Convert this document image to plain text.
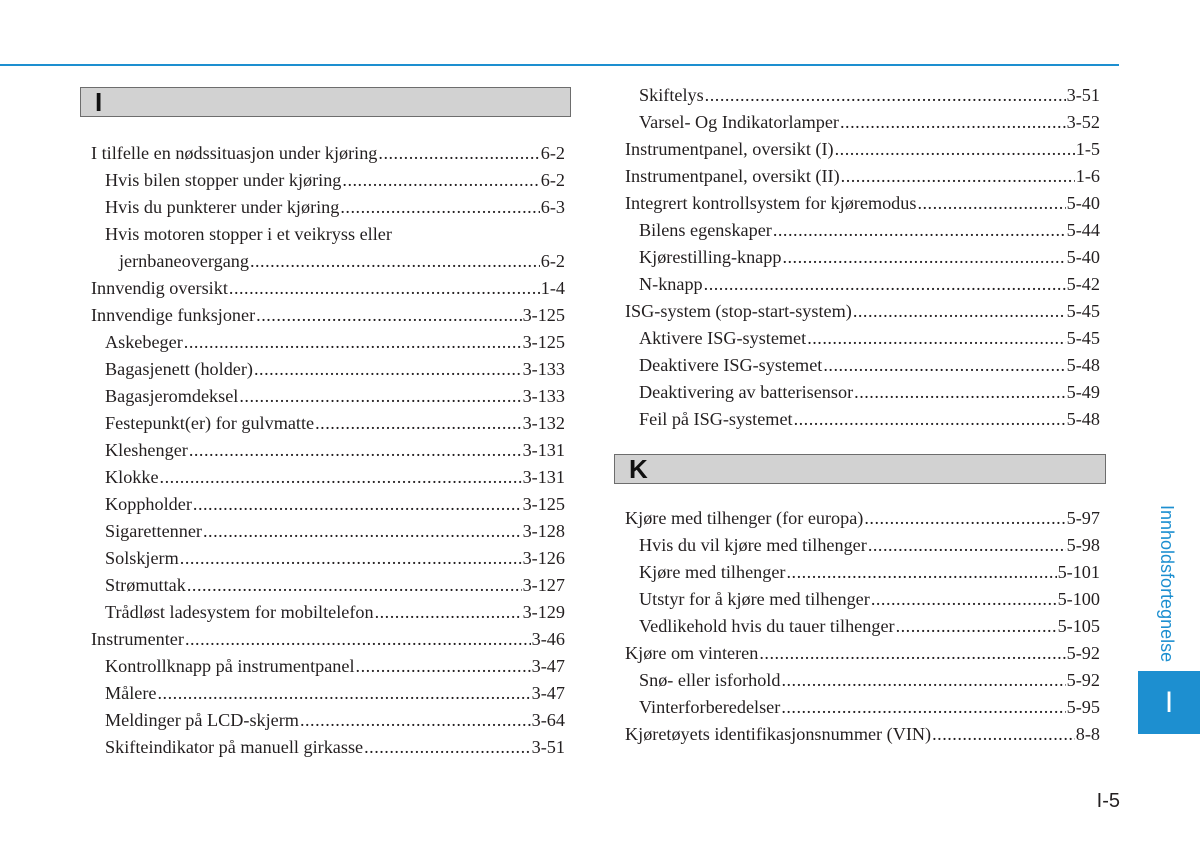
I
K
Innholdsfortegnelse
I
I-5
I tilfelle en nødssituasjon under kjøring .....	6-2
Hvis bilen stopper under kjøring .....	6-2
Hvis du punkterer under kjøring .....	6-3
Hvis motoren stopper i et veikryss eller
jernbaneovergang .....	6-2
Innvendig oversikt .....	1-4
Innvendige funksjoner .....	3-125
Askebeger .....	3-125
Bagasjenett (holder) .....	3-133
Bagasjeromdeksel .....	3-133
Festepunkt(er) for gulvmatte .....	3-132
Kleshenger .....	3-131
Klokke .....	3-131
Koppholder .....	3-125
Sigarettenner .....	3-128
Solskjerm .....	3-126
Strømuttak .....	3-127
Trådløst ladesystem for mobiltelefon .....	3-129
Instrumenter .....	3-46
Kontrollknapp på instrumentpanel .....	3-47
Målere .....	3-47
Meldinger på LCD-skjerm .....	3-64
Skifteindikator på manuell girkasse .....	3-51
Skiftelys .....	3-51
Varsel- Og Indikatorlamper .....	3-52
Instrumentpanel, oversikt (I) .....	1-5
Instrumentpanel, oversikt (II) .....	1-6
Integrert kontrollsystem for kjøremodus .....	5-40
Bilens egenskaper .....	5-44
Kjørestilling-knapp .....	5-40
N-knapp .....	5-42
ISG-system (stop-start-system) .....	5-45
Aktivere ISG-systemet .....	5-45
Deaktivere ISG-systemet .....	5-48
Deaktivering av batterisensor .....	5-49
Feil på ISG-systemet .....	5-48
Kjøre med tilhenger (for europa) .....	5-97
Hvis du vil kjøre med tilhenger .....	5-98
Kjøre med tilhenger .....	5-101
Utstyr for å kjøre med tilhenger .....	5-100
Vedlikehold hvis du tauer tilhenger .....	5-105
Kjøre om vinteren .....	5-92
Snø- eller isforhold .....	5-92
Vinterforberedelser .....	5-95
Kjøretøyets identifikasjonsnummer (VIN) .....	8-8
